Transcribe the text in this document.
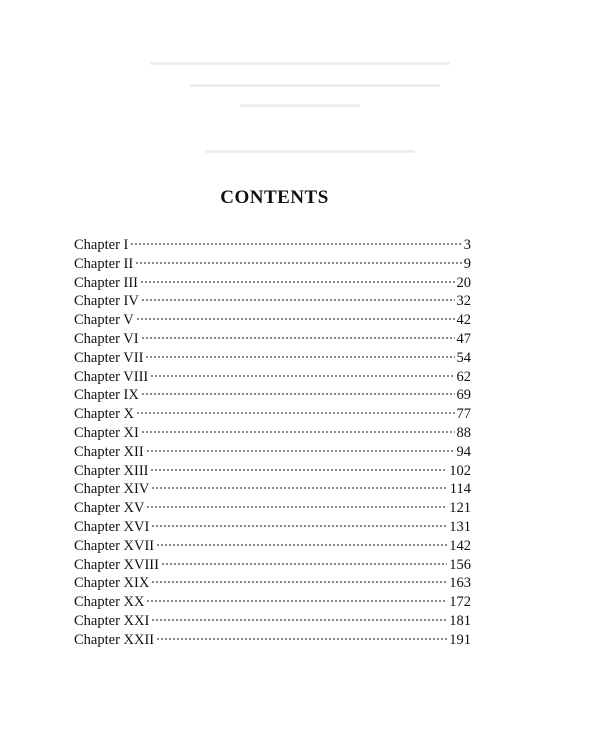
CONTENTS
Chapter I	3
Chapter II	9
Chapter III	20
Chapter IV	32
Chapter V	42
Chapter VI	47
Chapter VII	54
Chapter VIII	62
Chapter IX	69
Chapter X	77
Chapter XI	88
Chapter XII	94
Chapter XIII	102
Chapter XIV	114
Chapter XV	121
Chapter XVI	131
Chapter XVII	142
Chapter XVIII	156
Chapter XIX	163
Chapter XX	172
Chapter XXI	181
Chapter XXII	191
